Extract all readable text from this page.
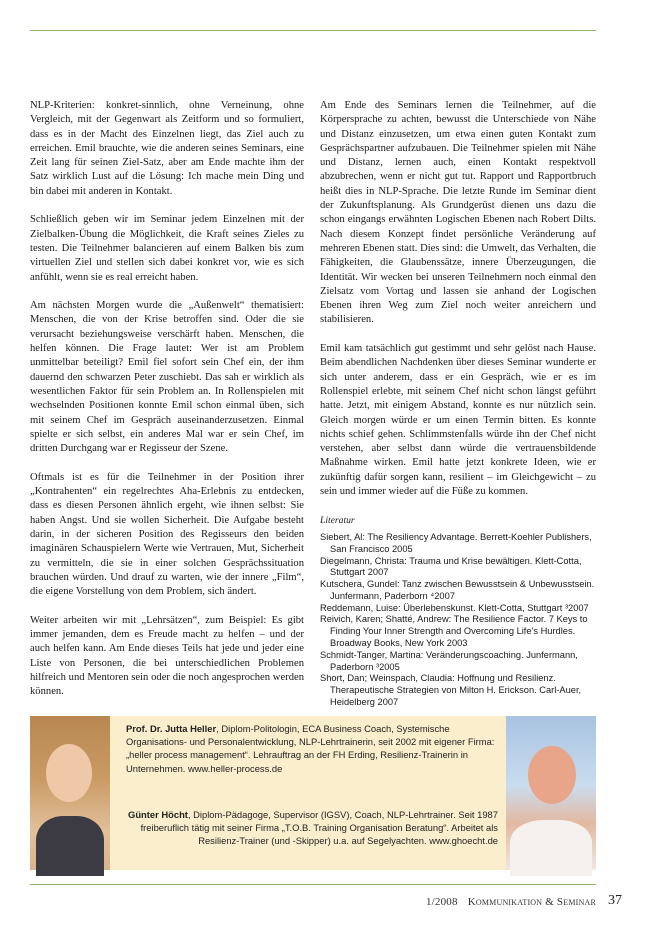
NLP-Kriterien: konkret-sinnlich, ohne Verneinung, ohne Vergleich, mit der Gegenwart als Zeitform und so formuliert, dass es in der Macht des Einzelnen liegt, das Ziel auch zu erreichen. Emil brauchte, wie die anderen seines Seminars, eine Zeit lang für seinen Ziel-Satz, aber am Ende machte ihm der Satz wirklich Lust auf die Lösung: Ich mache mein Ding und bin dabei mit anderen in Kontakt.

Schließlich geben wir im Seminar jedem Einzelnen mit der Zielbalken-Übung die Möglichkeit, die Kraft seines Zieles zu testen. Die Teilnehmer balancieren auf einem Balken bis zum virtuellen Ziel und stellen sich dabei konkret vor, wie es sich anfühlt, wenn sie es real erreicht haben.

Am nächsten Morgen wurde die „Außenwelt“ thematisiert: Menschen, die von der Krise betroffen sind. Oder die sie verursacht beziehungsweise verschärft haben. Menschen, die helfen können. Die Frage lautet: Wer ist am Problem unmittelbar beteiligt? Emil fiel sofort sein Chef ein, der ihm dauernd den schwarzen Peter zuschiebt. Das sah er wirklich als wesentlichen Faktor für sein Problem an. In Rollenspielen mit wechselnden Positionen konnte Emil schon einmal üben, sich mit seinem Chef im Gespräch auseinanderzusetzen. Einmal spielte er sich selbst, ein anderes Mal war er sein Chef, im dritten Durchgang war er Regisseur der Szene.

Oftmals ist es für die Teilnehmer in der Position ihrer „Kontrahenten“ ein regelrechtes Aha-Erlebnis zu entdecken, dass es diesen Personen ähnlich ergeht, wie ihnen selbst: Sie haben Angst. Und sie wollen Sicherheit. Die Aufgabe besteht darin, in der sicheren Position des Regisseurs den beiden imaginären Schauspielern Werte wie Vertrauen, Mut, Sicherheit zu vermitteln, die sie in einer solchen Gesprächssituation brauchen würden. Und drauf zu warten, wie der innere „Film“, die eigene Vorstellung von dem Problem, sich ändert.

Weiter arbeiten wir mit „Lehrsätzen“, zum Beispiel: Es gibt immer jemanden, dem es Freude macht zu helfen – und der auch helfen kann. Am Ende dieses Teils hat jede und jeder eine Liste von Personen, die bei unterschiedlichen Problemen hilfreich und Mentoren sein oder die noch angesprochen werden können.

Am Ende des Seminars lernen die Teilnehmer, auf die Körpersprache zu achten, bewusst die Unterschiede von Nähe und Distanz einzusetzen, um etwa einen guten Kontakt zum Gesprächspartner aufzubauen. Die Teilnehmer spielen mit Nähe und Distanz, lernen auch, einen Kontakt respektvoll abzubrechen, wenn er nicht gut tut. Rapport und Rapportbruch heißt dies in NLP-Sprache. Die letzte Runde im Seminar dient der Zukunftsplanung. Als Grundgerüst dienen uns dazu die schon eingangs erwähnten Logischen Ebenen nach Robert Dilts. Nach diesem Konzept findet persönliche Veränderung auf mehreren Ebenen statt. Dies sind: die Umwelt, das Verhalten, die Fähigkeiten, die Glaubenssätze, innere Überzeugungen, die Identität. Wir wecken bei unseren Teilnehmern noch einmal den Zielsatz vom Vortag und lassen sie anhand der Logischen Ebenen ihren Weg zum Ziel noch weiter anreichern und stabilisieren.

Emil kam tatsächlich gut gestimmt und sehr gelöst nach Hause. Beim abendlichen Nachdenken über dieses Seminar wunderte er sich unter anderem, dass er ein Gespräch, wie er es im Rollenspiel erlebte, mit seinem Chef nicht schon längst geführt hatte. Jetzt, mit einigem Abstand, konnte es nur nützlich sein. Gleich morgen würde er um einen Termin bitten. Es konnte nichts schief gehen. Schlimmstenfalls würde ihn der Chef nicht verstehen, aber selbst dann würde die vertrauensbildende Maßnahme wirken. Emil hatte jetzt konkrete Ideen, wie er zukünftig dafür sorgen kann, resilient – im Gleichgewicht – zu sein und immer wieder auf die Füße zu kommen.

Literatur
Siebert, Al: The Resiliency Advantage. Berrett-Koehler Publishers, San Francisco 2005
Diegelmann, Christa: Trauma und Krise bewältigen. Klett-Cotta, Stuttgart 2007
Kutschera, Gundel: Tanz zwischen Bewusstsein & Unbewusstsein. Junfermann, Paderborn ⁴2007
Reddemann, Luise: Überlebenskunst. Klett-Cotta, Stuttgart ³2007
Reivich, Karen; Shatté, Andrew: The Resilience Factor. 7 Keys to Finding Your Inner Strength and Overcoming Life's Hurdles. Broadway Books, New York 2003
Schmidt-Tanger, Martina: Veränderungscoaching. Junfermann, Paderborn ³2005
Short, Dan; Weinspach, Claudia: Hoffnung und Resilienz. Therapeutische Strategien von Milton H. Erickson. Carl-Auer, Heidelberg 2007
Prof. Dr. Jutta Heller, Diplom-Politologin, ECA Business Coach, Systemische Organisations- und Personalentwicklung, NLP-Lehrtrainerin, seit 2002 mit eigener Firma: „heller process management“. Lehrauftrag an der FH Erding, Resilienz-Trainerin in Unternehmen. www.heller-process.de
Günter Höcht, Diplom-Pädagoge, Supervisor (IGSV), Coach, NLP-Lehrtrainer. Seit 1987 freiberuflich tätig mit seiner Firma „T.O.B. Training Organisation Beratung“. Arbeitet als Resilienz-Trainer (und -Skipper) u.a. auf Segelyachten. www.ghoecht.de
1/2008 Kommunikation & Seminar 37
